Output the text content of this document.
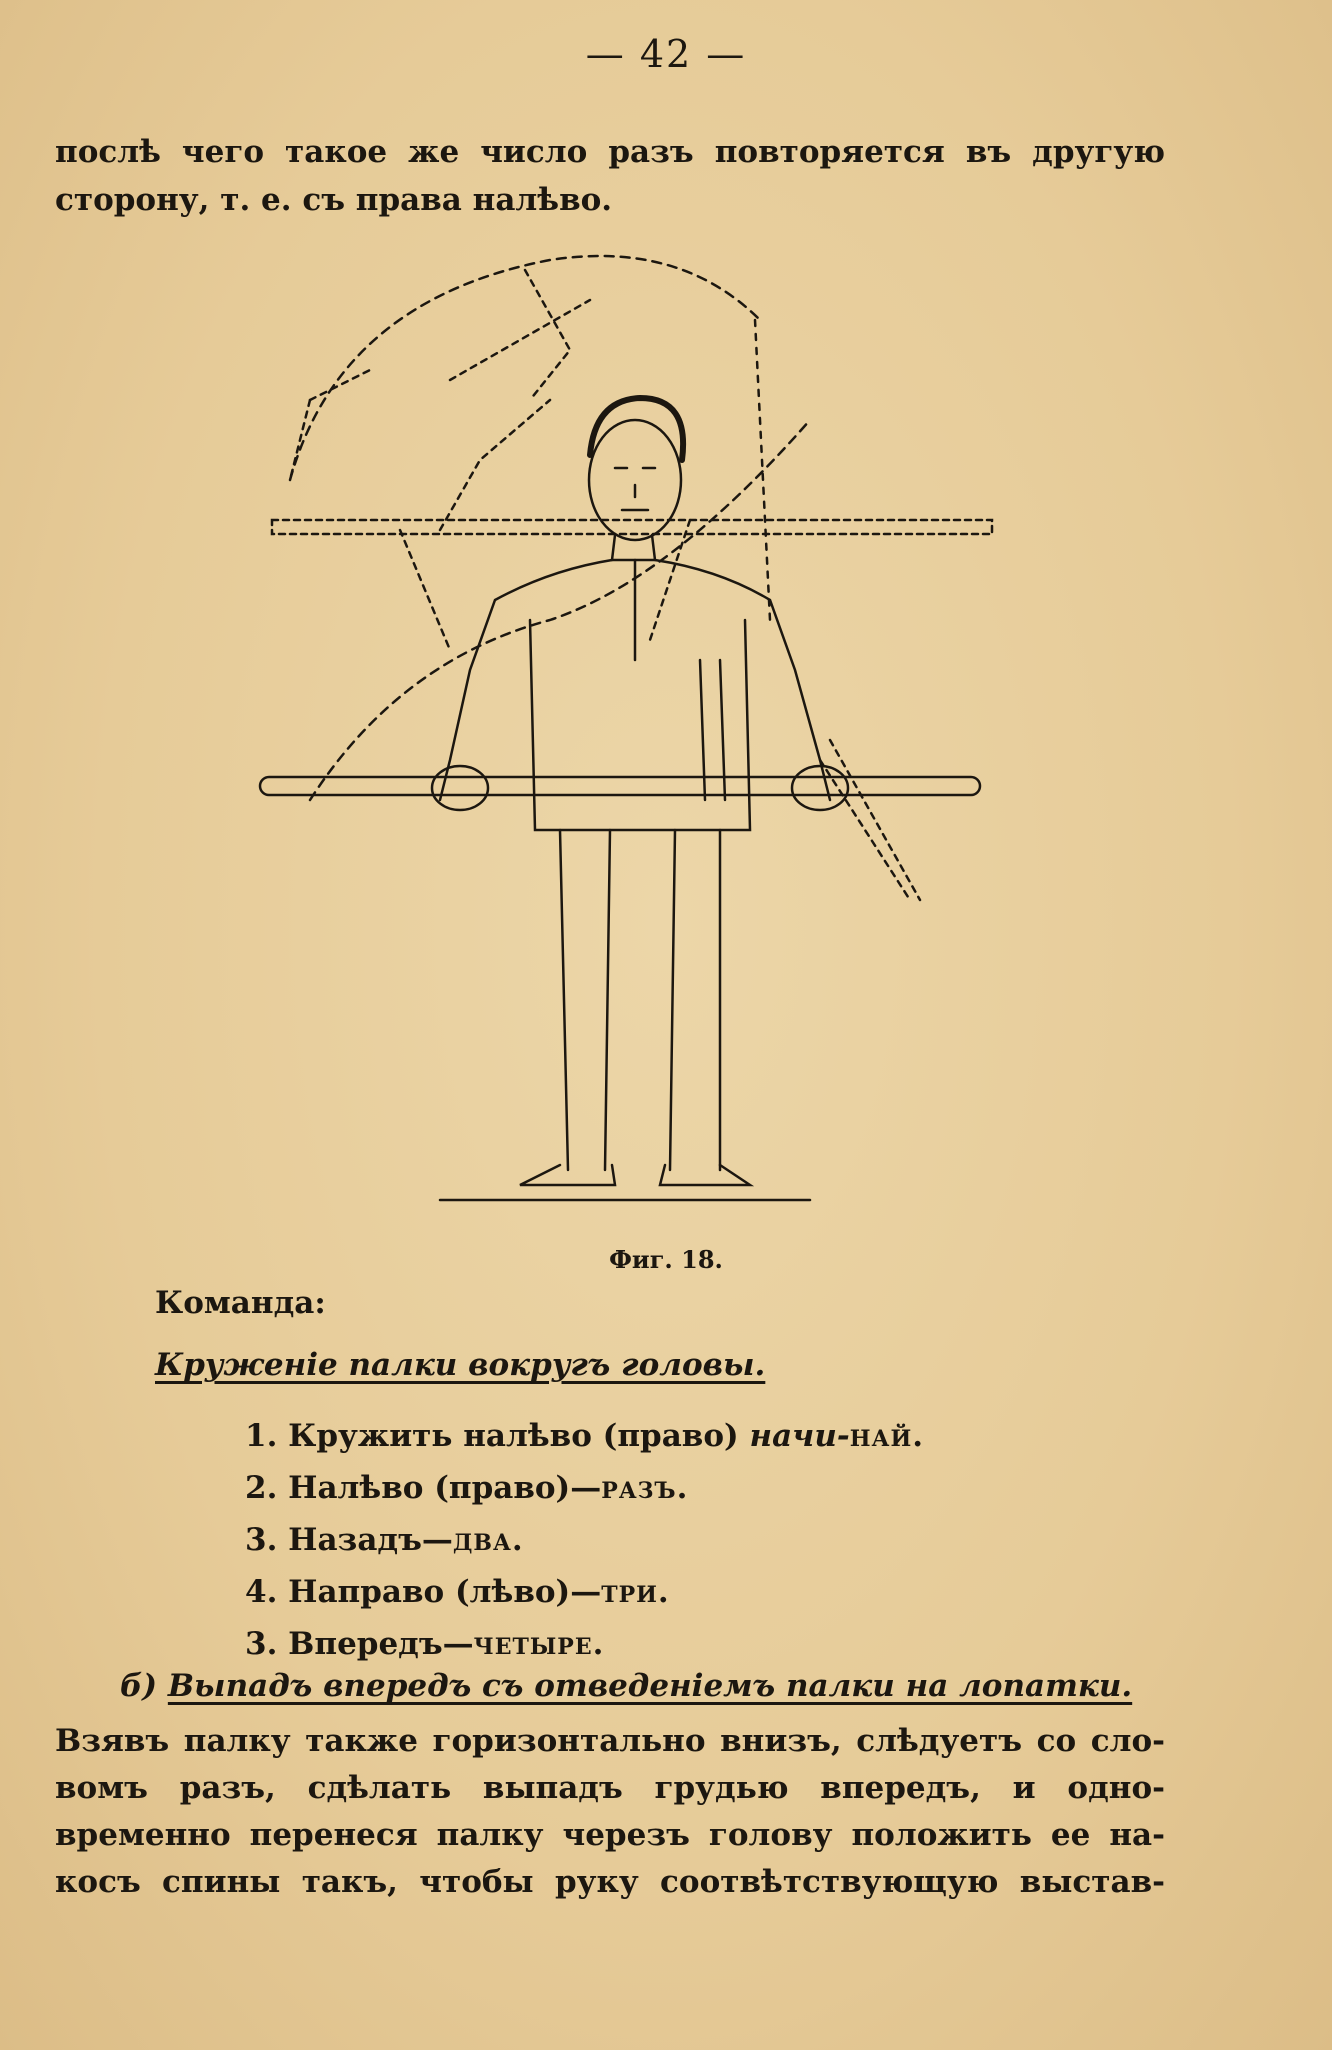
— 42 —
послѣ чего такое же число разъ повторяется въ другую
сторону, т. е. съ права налѣво.
Фиг. 18.
Команда:
Круженіе палки вокругъ головы.
1. Кружить налѣво (право) начи-най.
2. Налѣво (право)—разъ.
3. Назадъ—два.
4. Направо (лѣво)—три.
3. Впередъ—четыре.
б) Выпадъ впередъ съ отведеніемъ палки на лопатки.
Взявъ палку также горизонтально внизъ, слѣдуетъ со сло-
вомъ разъ, сдѣлать выпадъ грудью впередъ, и одно-
временно перенеся палку черезъ голову положить ее на-
косъ спины такъ, чтобы руку соотвѣтствующую выстав-
